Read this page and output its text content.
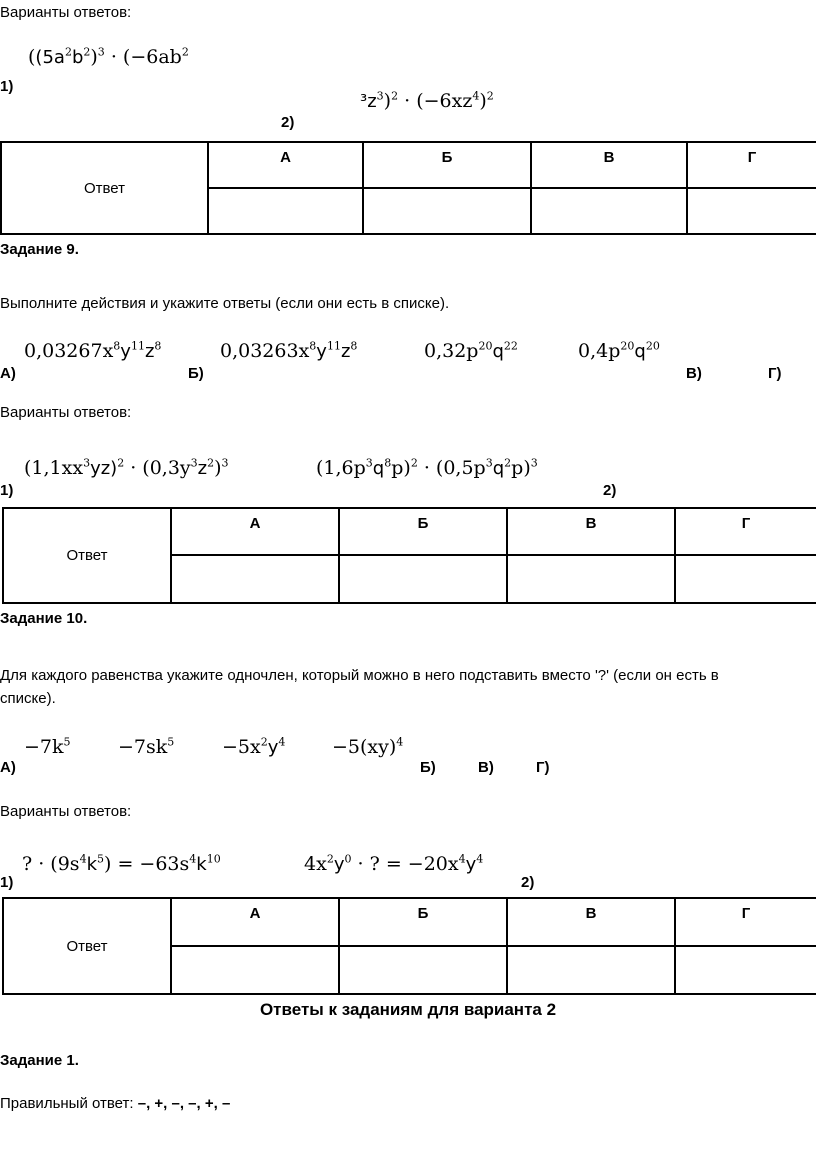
Варианты ответов:
($(5a^2b^2)^3 \cdot (-6ab^2$
1)
$^3z^3)^2 \cdot (-6xz^4)^2$
2)
Ответ	А	Б	В	Г

Задание 9.
Выполните действия и укажите ответы (если они есть в списке).
$0,03267x^8y^{11}z^8$	$0,03263x^8y^{11}z^8$	$0,32p^{20}q^{22}$	$0,4p^{20}q^{20}$
А)	Б)	В)	Г)
Варианты ответов:
$(1,1xx^3yz)^2 \cdot (0,3y^3z^2)^3$	$(1,6p^3q^8p)^2 \cdot (0,5p^3q^2p)^3$
1)	2)
Ответ	А	Б	В	Г

Задание 10.
Для каждого равенства укажите одночлен, который можно в него подставить вместо '?' (если он есть в
списке).
$-7k^5 -7sk^5$	$-5x^2y^4 -5(xy)^4$
А)	Б)	В)	Г)
Варианты ответов:
? · $(9s^4k^5) = -63s^4k^{10}$	$4x^2y^0$ · ? = $-20x^4y^4$
1)	2)
Ответ	А	Б	В	Г

Ответы к заданиям для варианта 2
Задание 1.
Правильный ответ: –, +, –, –, +, –
